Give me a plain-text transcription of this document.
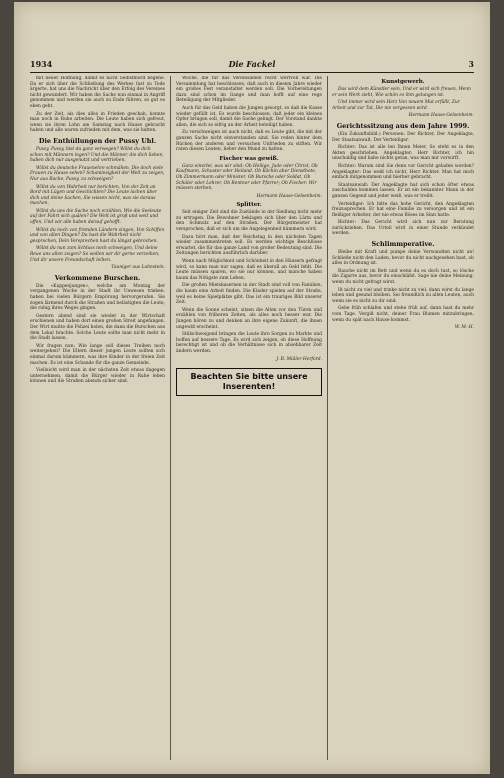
1934	Die Fackel	3

mit neuer Hoffnung, damit es nicht Selbstmord begehe. Da er sich über die Schließung des Werkes fast zu Tode ärgerte, hat uns die Nachricht über den Erfolg des Vereines nicht gewundert. Wir haben die Sache nun einmal in Angriff genommen und werden sie auch zu Ende führen, so gut es eben geht.

Zu der Zeit, als dies alles in Frieden geschah, konnte man noch in Ruhe arbeiten. Die Leute haben sich gefreut, wenn sie ihren Lohn am Samstag nach Hause gebracht haben und alle waren zufrieden mit dem, was sie hatten.

Die Enthüllungen der Pussy Uhl.

Pussy, Pussy, bist du ganz verwegen? Willst du dich schon mit Männern legen? Und die Männer, die dich lieben, haben dich nur ausgenutzt und vertrieben.

Willst du deutsche Frauenehre schmähen, Die doch viele Frauen zu Hause sehen? Schamlosigkeit der Welt zu zeigen, Nur aus Rache, Pussy, zu schweigen?

Willst du von Wahrheit nur berichten, Von der Zeit an Bord mit Lügen und Geschichten? Die Leute lachen über dich und deine Sachen, Sie wissen nicht, was sie daraus machen.

Willst du uns die Sache noch erzählen, Wie die Seeleute auf der Fahrt sich quälen? Die Welt ist groß und weit und offen, Und wir alle haben darauf gehofft.

Willst du noch von fremden Ländern singen, Von Schiffen und von allen Dingen? Du hast die Wahrheit nicht gesprochen, Dein Versprechen hast du längst gebrochen.

Willst du nun zum Schluss noch schweigen, Und deine Reue uns allen zeigen? So wollen wir dir gerne verzeihen, Und dir unsere Freundschaft leihen.

Tauniger aus Lahnstein.

Verkommene Burschen.

Die »Kappenjungen«, welche am Montag der vergangenen Woche in der Stadt ihr Unwesen trieben, haben bei vielen Bürgern Empörung hervorgerufen. Sie zogen lärmend durch die Straßen und belästigten die Leute, die ruhig ihres Weges gingen.

Gestern abend sind sie wieder in der Wirtschaft erschienen und haben dort einen großen Streit angefangen. Der Wirt mußte die Polizei holen, die dann die Burschen aus dem Lokal brachte. Solche Leute sollte man nicht mehr in die Stadt lassen.

Wir fragen nun: Wie lange soll dieses Treiben noch weitergehen? Die Eltern dieser jungen Leute sollten sich einmal darum kümmern, was ihre Kinder in der freien Zeit machen. Es ist eine Schande für die ganze Gemeinde.

Vielleicht wird man in der nächsten Zeit etwas dagegen unternehmen, damit die Bürger wieder in Ruhe leben können und die Straßen abends sicher sind.

Woche, die für das Vereinsleben recht wertvoll war. Die Versammlung hat beschlossen, daß auch in diesem Jahre wieder ein großes Fest veranstaltet werden soll. Die Vorbereitungen dazu sind schon im Gange und man hofft auf eine rege Beteiligung der Mitglieder.

Auch für das Geld haben die Jungen gesorgt, so daß die Kasse wieder gefüllt ist. Es wurde beschlossen, daß jeder ein kleines Opfer bringen soll, damit die Sache gelingt. Der Vorstand dankte allen, die sich so eifrig an der Arbeit beteiligt haben.

Zu verschweigen ist auch nicht, daß es Leute gibt, die mit der ganzen Sache nicht einverstanden sind. Sie reden hinter dem Rücken der anderen und versuchen Unfrieden zu stiften. Wir raten diesen Leuten, lieber den Mund zu halten.

Fischer was gewiß.

Ganz einerlei, was wir sind: Ob Heilige, Jude oder Christ, Ob Kaufmann, Schuster oder Heiland, Ob Köchin aber Dienstbote, Ob Zimmermann oder Minister, Ob Bursche oder Soldat, Ob Schüler oder Lehrer, Ob Rentner oder Pfarrer; Ob Fischer: Wir müssen sterben.

Hermann Haase-Gelsenheim.

Splitter.

Seit einiger Zeit sind die Zustände in der Siedlung nicht mehr zu ertragen. Die Bewohner beklagen sich über den Lärm und den Schmutz auf den Straßen. Der Bürgermeister hat versprochen, daß er sich um die Angelegenheit kümmern wird.

Dazu hört man, daß der Reichstag in den nächsten Tagen wieder zusammentreten soll. Es werden wichtige Beschlüsse erwartet, die für das ganze Land von großer Bedeutung sind. Die Zeitungen berichten ausführlich darüber.

Wenn nach Möglichkeit und Schönheit in den Häusern gefragt wird, so kann man nur sagen, daß es überall an Geld fehlt. Die Leute müssen sparen, wo sie nur können, und manche haben kaum das Nötigste zum Leben.

Die großen Mietskasernen in der Stadt sind voll von Familien, die kaum eine Arbeit finden. Die Kinder spielen auf der Straße, weil es keine Spielplätze gibt. Das ist ein trauriges Bild unserer Zeit.

Wenn die Sonne scheint, sitzen die Alten vor den Türen und erzählen von früheren Zeiten, als alles noch besser war. Die Jungen hören zu und denken an ihre eigene Zukunft, die ihnen ungewiß erscheint.

Stillschweigend bringen die Leute ihre Sorgen zu Markte und hoffen auf bessere Tage. Es wird sich zeigen, ob diese Hoffnung berechtigt ist und ob die Verhältnisse sich in absehbarer Zeit ändern werden.

J. B. Müller-Herford.

Beachten Sie bitte unsere Inserenten!
Kunstgewerb.

Das wird dem Künstler sein, Und er wird sich freuen, Wenn er sein Werk sieht, Wie schön es ihm gelungen ist.

Und immer wird sein Herz Von neuem Mut erfüllt, Zur Arbeit und zur Tat, Die nie vergessen wird.

Hermann Haase-Gelsenheim.

Gerichtssitzung aus dem Jahre 1999.

(Ein Zukunftsbild.) Personen: Der Richter, Der Angeklagte, Der Staatsanwalt, Der Verteidiger.

Richter: Das ist alle bei Ihnen Meier, So steht es in den Akten geschrieben. Angeklagter: Herr Richter, ich bin unschuldig und habe nichts getan, was man mir vorwirft.

Richter: Warum sind Sie denn vor Gericht geladen worden? Angeklagter: Das weiß ich nicht, Herr Richter. Man hat mich einfach mitgenommen und hierher gebracht.

Staatsanwalt: Der Angeklagte hat sich schon öfter etwas zuschulden kommen lassen. Er ist ein bekannter Mann in der ganzen Gegend und jeder weiß, was er treibt.

Verteidiger: Ich bitte das hohe Gericht, den Angeklagten freizusprechen. Er hat eine Familie zu versorgen und ist ein fleißiger Arbeiter, der nie etwas Böses im Sinn hatte.

Richter: Das Gericht wird sich nun zur Beratung zurückziehen. Das Urteil wird in einer Stunde verkündet werden.

Schlimmperative.

Bleibe mit Kraft und pumpe deine Verwandten nicht an! Schließe nicht den Laden, bevor du nicht nachgesehen hast, ob alles in Ordnung ist.

Rauche nicht im Bett und wenn du es doch tust, so lösche die Zigarre aus, bevor du einschläfst. Sage nie deine Meinung, wenn du nicht gefragt wirst.

Iß nicht zu viel und trinke nicht zu viel, dann wirst du lange leben und gesund bleiben. Sei freundlich zu allen Leuten, auch wenn sie es nicht zu dir sind.

Gehe früh schlafen und stehe früh auf, dann hast du mehr vom Tage. Vergiß nicht, deiner Frau Blumen mitzubringen, wenn du spät nach Hause kommst.

W. M.-H.
